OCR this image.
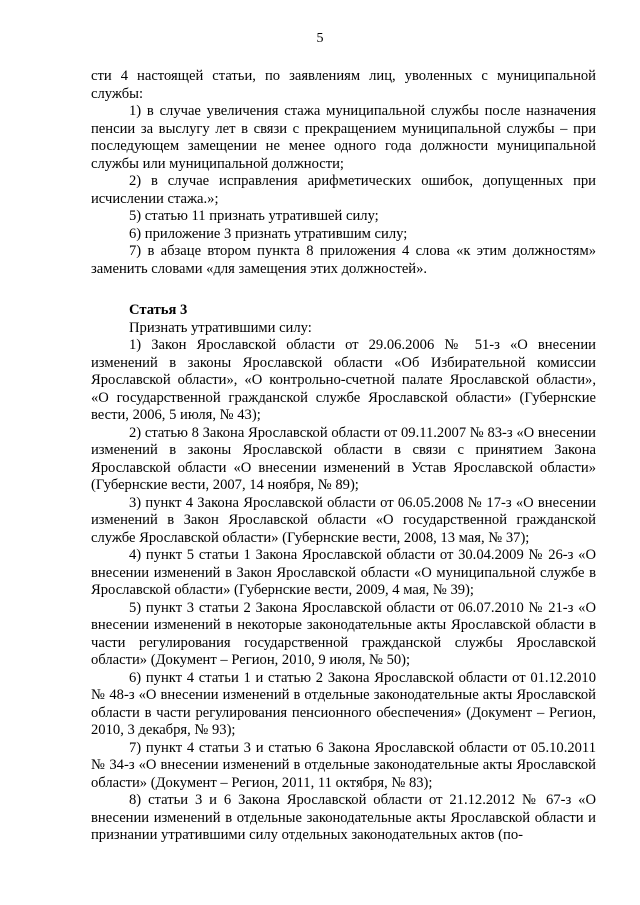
5

сти 4 настоящей статьи, по заявлениям лиц, уволенных с муниципальной службы:

1) в случае увеличения стажа муниципальной службы после назначения пенсии за выслугу лет в связи с прекращением муниципальной службы – при последующем замещении не менее одного года должности муниципальной службы или муниципальной должности;

2) в случае исправления арифметических ошибок, допущенных при исчислении стажа.»;

5) статью 11 признать утратившей силу;

6) приложение 3 признать утратившим силу;

7) в абзаце втором пункта 8 приложения 4 слова «к этим должностям» заменить словами «для замещения этих должностей».

Статья 3

Признать утратившими силу:

1) Закон Ярославской области от 29.06.2006 № 51-з «О внесении изменений в законы Ярославской области «Об Избирательной комиссии Ярославской области», «О контрольно-счетной палате Ярославской области», «О государственной гражданской службе Ярославской области» (Губернские вести, 2006, 5 июля, № 43);

2) статью 8 Закона Ярославской области от 09.11.2007 № 83-з «О внесении изменений в законы Ярославской области в связи с принятием Закона Ярославской области «О внесении изменений в Устав Ярославской области» (Губернские вести, 2007, 14 ноября, № 89);

3) пункт 4 Закона Ярославской области от 06.05.2008 № 17-з «О внесении изменений в Закон Ярославской области «О государственной гражданской службе Ярославской области» (Губернские вести, 2008, 13 мая, № 37);

4) пункт 5 статьи 1 Закона Ярославской области от 30.04.2009 № 26-з «О внесении изменений в Закон Ярославской области «О муниципальной службе в Ярославской области» (Губернские вести, 2009, 4 мая, № 39);

5) пункт 3 статьи 2 Закона Ярославской области от 06.07.2010 № 21-з «О внесении изменений в некоторые законодательные акты Ярославской области в части регулирования государственной гражданской службы Ярославской области» (Документ – Регион, 2010, 9 июля, № 50);

6) пункт 4 статьи 1 и статью 2 Закона Ярославской области от 01.12.2010 № 48-з «О внесении изменений в отдельные законодательные акты Ярославской области в части регулирования пенсионного обеспечения» (Документ – Регион, 2010, 3 декабря, № 93);

7) пункт 4 статьи 3 и статью 6 Закона Ярославской области от 05.10.2011 № 34-з «О внесении изменений в отдельные законодательные акты Ярославской области» (Документ – Регион, 2011, 11 октября, № 83);

8) статьи 3 и 6 Закона Ярославской области от 21.12.2012 № 67-з «О внесении изменений в отдельные законодательные акты Ярославской области и признании утратившими силу отдельных законодательных актов (по-
